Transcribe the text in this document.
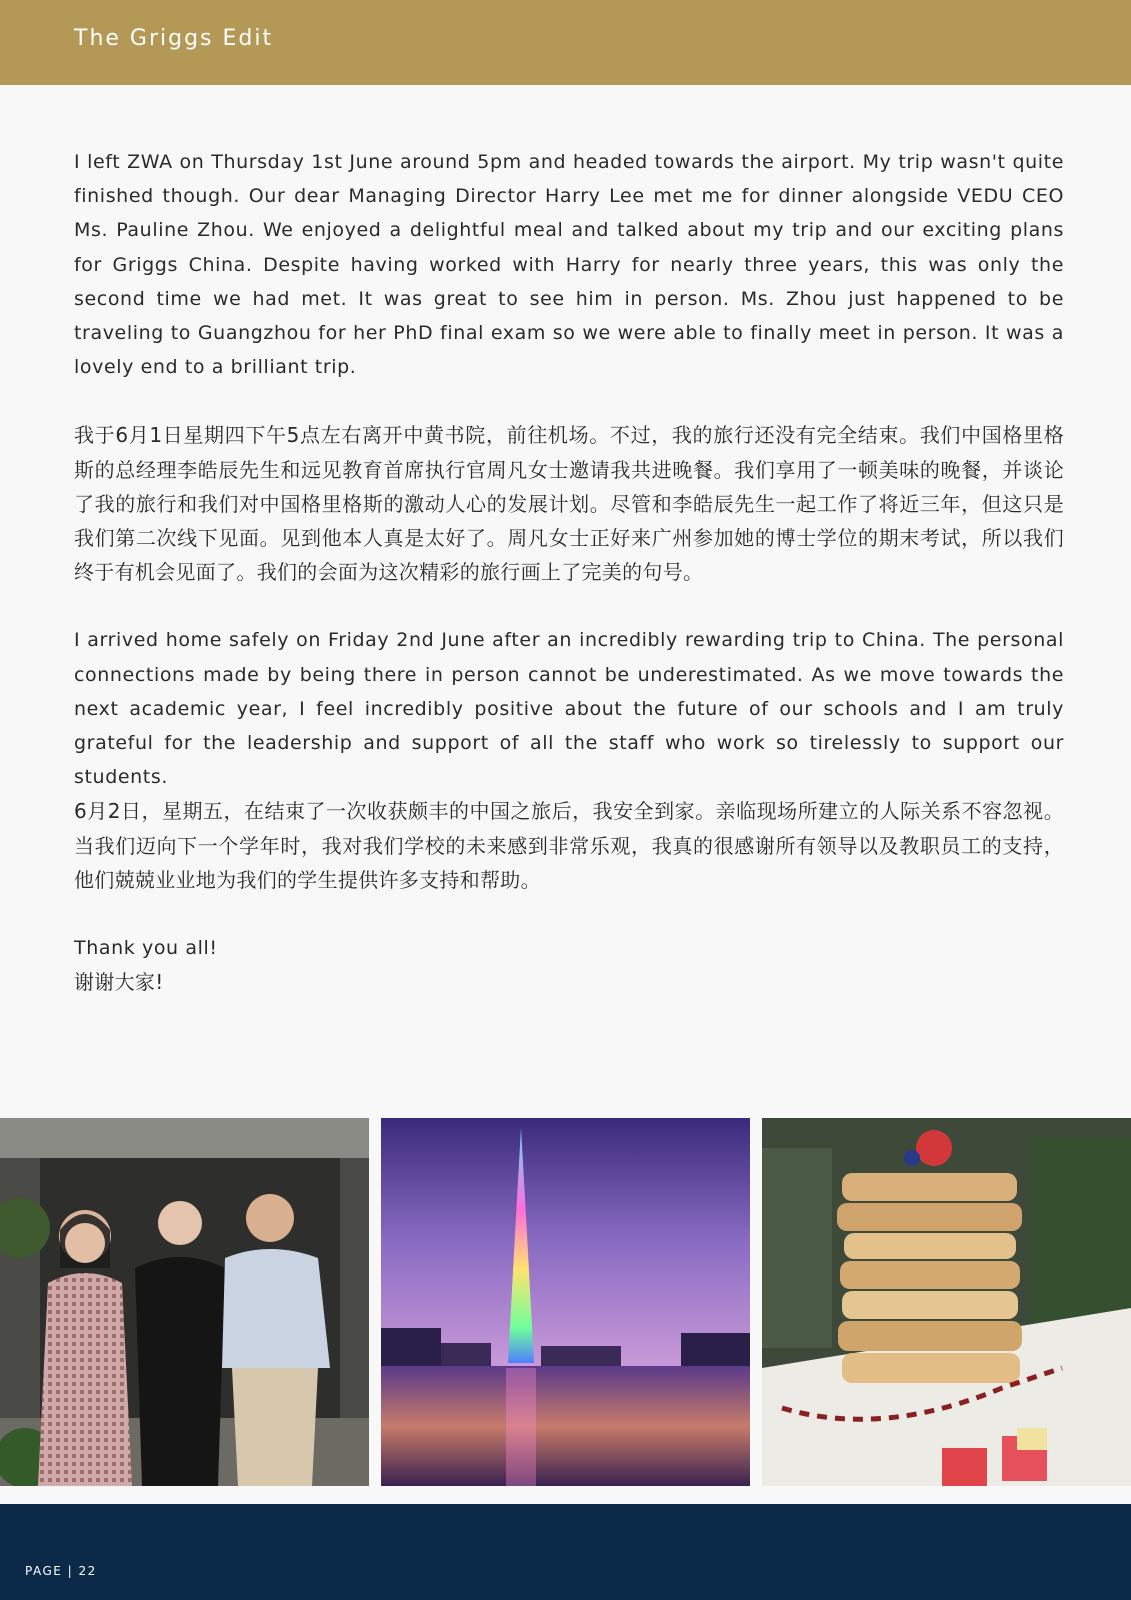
The Griggs Edit

I left ZWA on Thursday 1st June around 5pm and headed towards the airport. My trip wasn't quite finished though. Our dear Managing Director Harry Lee met me for dinner alongside VEDU CEO Ms. Pauline Zhou. We enjoyed a delightful meal and talked about my trip and our exciting plans for Griggs China. Despite having worked with Harry for nearly three years, this was only the second time we had met. It was great to see him in person. Ms. Zhou just happened to be traveling to Guangzhou for her PhD final exam so we were able to finally meet in person. It was a lovely end to a brilliant trip.

我于6月1日星期四下午5点左右离开中黄书院，前往机场。不过，我的旅行还没有完全结束。我们中国格里格斯的总经理李皓辰先生和远见教育首席执行官周凡女士邀请我共进晚餐。我们享用了一顿美味的晚餐，并谈论了我的旅行和我们对中国格里格斯的激动人心的发展计划。尽管和李皓辰先生一起工作了将近三年，但这只是我们第二次线下见面。见到他本人真是太好了。周凡女士正好来广州参加她的博士学位的期末考试，所以我们终于有机会见面了。我们的会面为这次精彩的旅行画上了完美的句号。

I arrived home safely on Friday 2nd June after an incredibly rewarding trip to China. The personal connections made by being there in person cannot be underestimated. As we move towards the next academic year, I feel incredibly positive about the future of our schools and I am truly grateful for the leadership and support of all the staff who work so tirelessly to support our students.

6月2日，星期五，在结束了一次收获颇丰的中国之旅后，我安全到家。亲临现场所建立的人际关系不容忽视。当我们迈向下一个学年时，我对我们学校的未来感到非常乐观，我真的很感谢所有领导以及教职员工的支持，他们兢兢业业地为我们的学生提供许多支持和帮助。

Thank you all!

谢谢大家!

PAGE | 22
